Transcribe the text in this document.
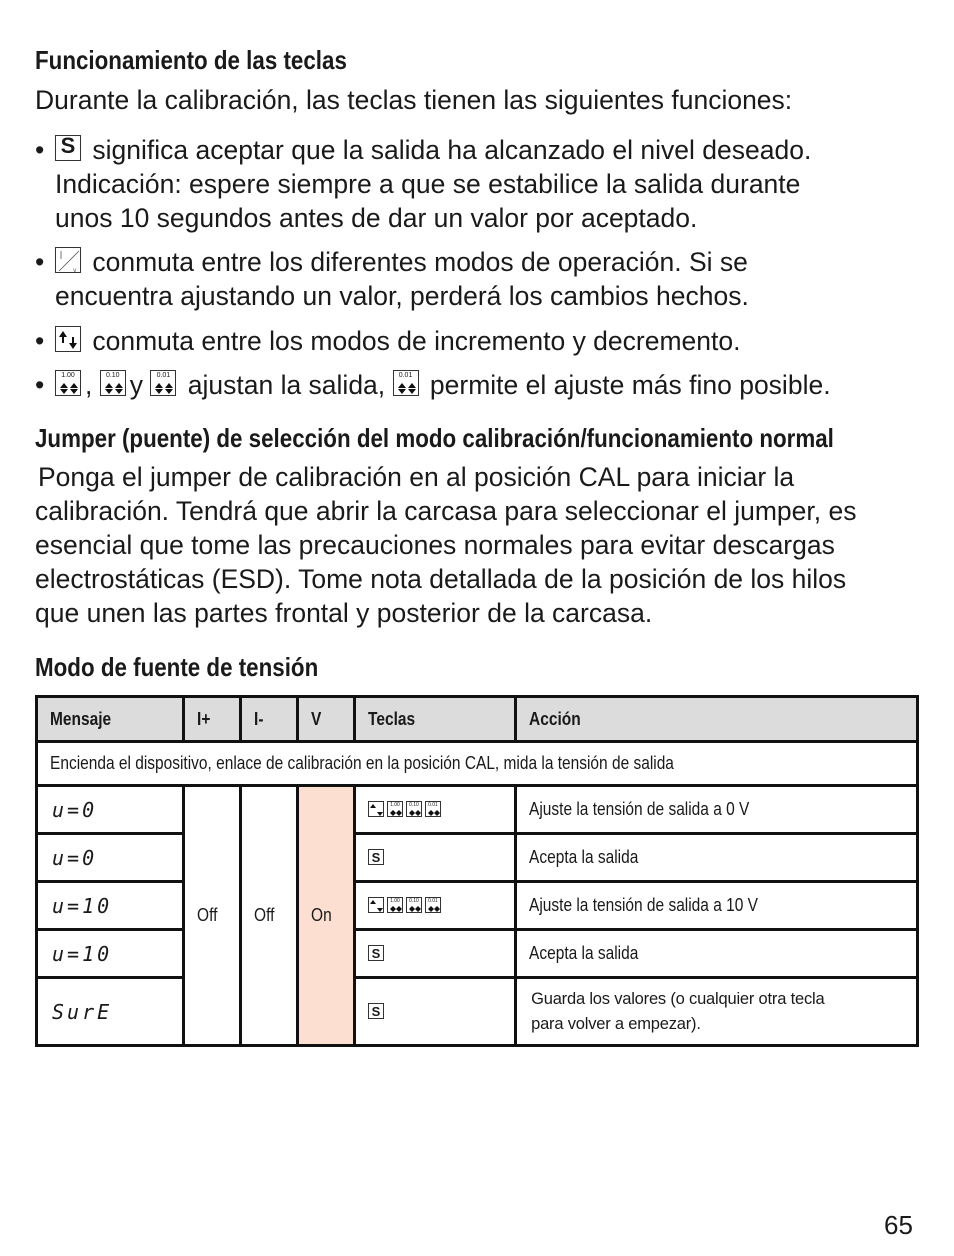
Funcionamiento de las teclas
Durante la calibración, las teclas tienen las siguientes funciones:
• S significa aceptar que la salida ha alcanzado el nivel deseado.
Indicación: espere siempre a que se estabilice la salida durante
unos 10 segundos antes de dar un valor por aceptado.
•	v conmuta entre los diferentes modos de operación. Si se
encuentra ajustando un valor, perderá los cambios hechos.
• conmuta entre los modos de incremento y decremento.
•	1.00 ,	0.10 y	0.01 ajustan la salida,	0.01 permite el ajuste más fino posible.
Jumper (puente) de selección del modo calibración/funcionamiento normal
Ponga el jumper de calibración en al posición CAL para iniciar la
calibración. Tendrá que abrir la carcasa para seleccionar el jumper, es
esencial que tome las precauciones normales para evitar descargas
electrostáticas (ESD). Tome nota detallada de la posición de los hilos
que unen las partes frontal y posterior de la carcasa.
Modo de fuente de tensión
Mensaje	I+	I-	V	Teclas	Acción
Encienda el dispositivo, enlace de calibración en la posición CAL, mida la tensión de salida					
u=0	Off	Off	On	1.00 0.10 0.01	Ajuste la tensión de salida a 0 V
u=0				S	Acepta la salida
u=10				1.00 0.10 0.01	Ajuste la tensión de salida a 10 V
u=10				S	Acepta la salida
SurE				S	Guarda los valores (o cualquier otra tecla
para volver a empezar).
65
